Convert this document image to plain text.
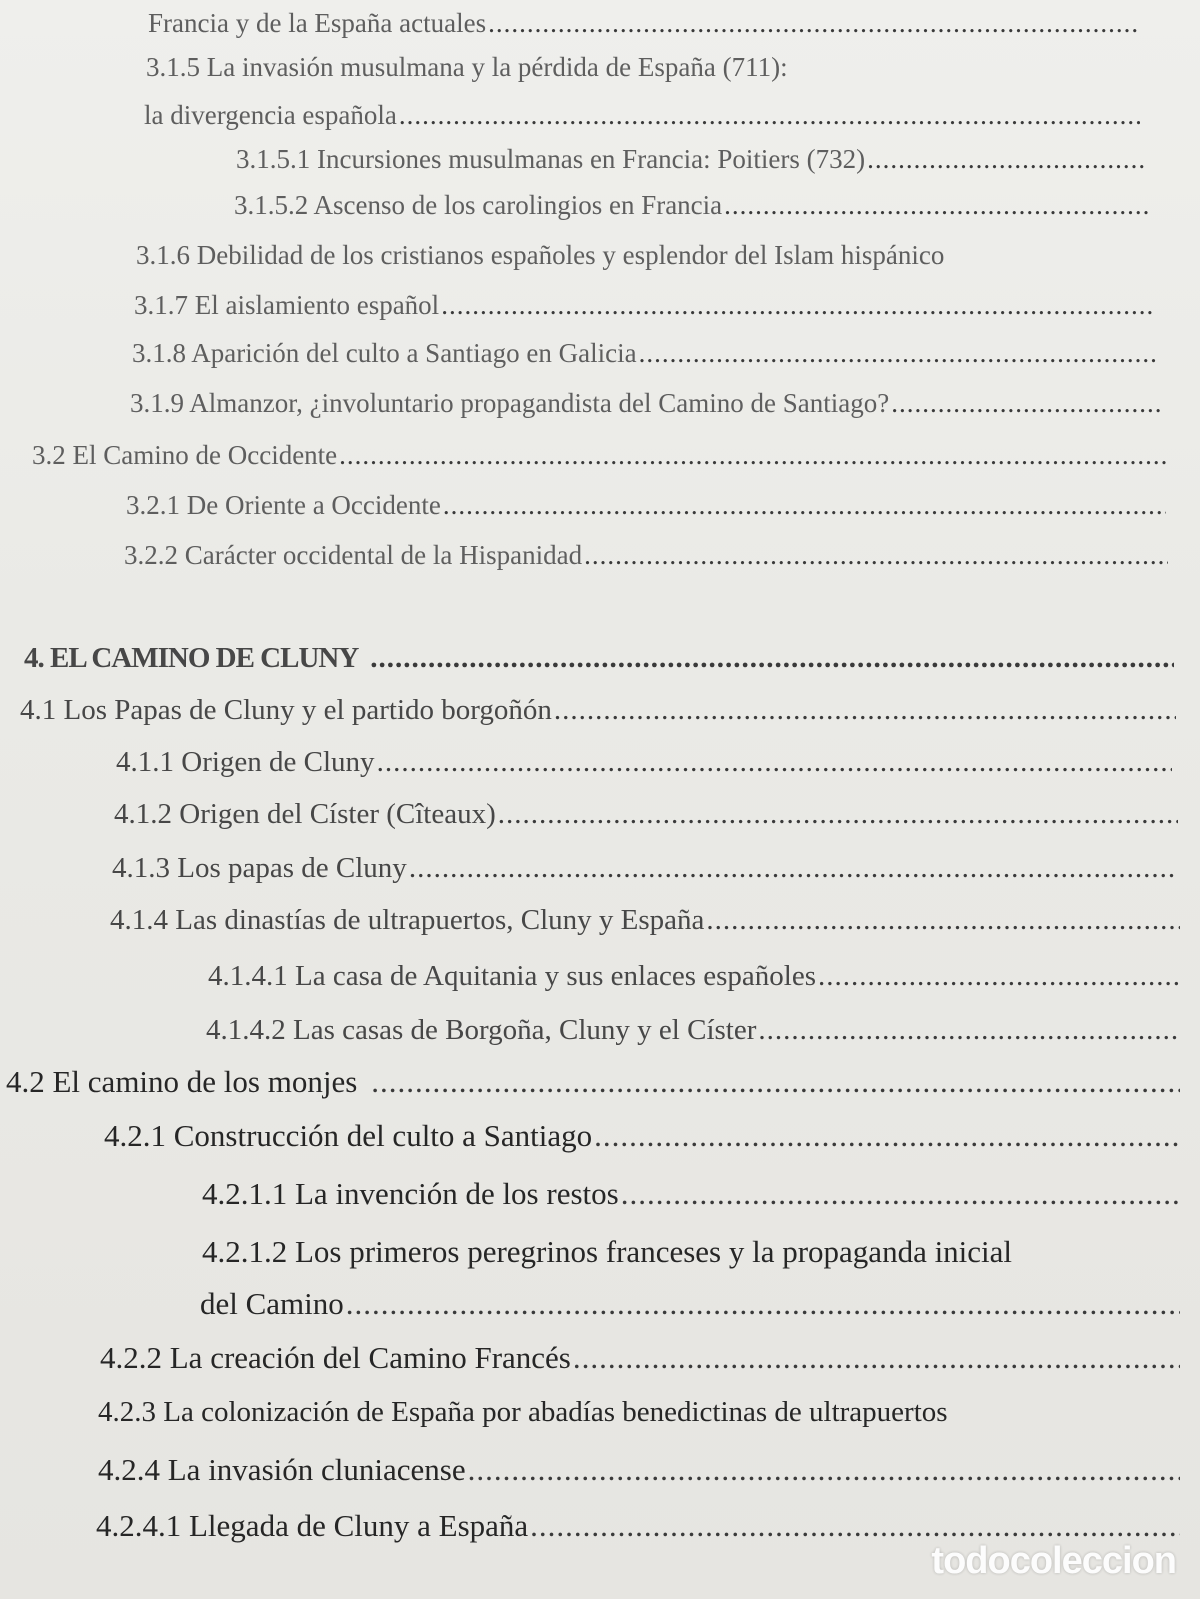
Francia y de la España actuales
.....
3.1.5 La invasión musulmana y la pérdida de España (711):
la divergencia española
.....
3.1.5.1 Incursiones musulmanas en Francia: Poitiers (732)
.....
3.1.5.2 Ascenso de los carolingios en Francia
.....
3.1.6 Debilidad de los cristianos españoles y esplendor del Islam hispánico
3.1.7 El aislamiento español
.....
3.1.8 Aparición del culto a Santiago en Galicia
.....
3.1.9 Almanzor, ¿involuntario propagandista del Camino de Santiago?
.....
3.2 El Camino de Occidente
.....
3.2.1 De Oriente a Occidente
.....
3.2.2 Carácter occidental de la Hispanidad
.....
4. EL CAMINO DE CLUNY
.....
4.1 Los Papas de Cluny y el partido borgoñón
.....
4.1.1 Origen de Cluny
.....
4.1.2 Origen del Císter (Cîteaux)
.....
4.1.3 Los papas de Cluny
.....
4.1.4 Las dinastías de ultrapuertos, Cluny y España
.....
4.1.4.1 La casa de Aquitania y sus enlaces españoles
.....
4.1.4.2 Las casas de Borgoña, Cluny y el Císter
.....
4.2 El camino de los monjes
.....
4.2.1 Construcción del culto a Santiago
.....
4.2.1.1 La invención de los restos
.....
4.2.1.2 Los primeros peregrinos franceses y la propaganda inicial
del Camino
.....
4.2.2 La creación del Camino Francés
.....
4.2.3 La colonización de España por abadías benedictinas de ultrapuertos
4.2.4 La invasión cluniacense
.....
4.2.4.1 Llegada de Cluny a España
.....
todocoleccion
